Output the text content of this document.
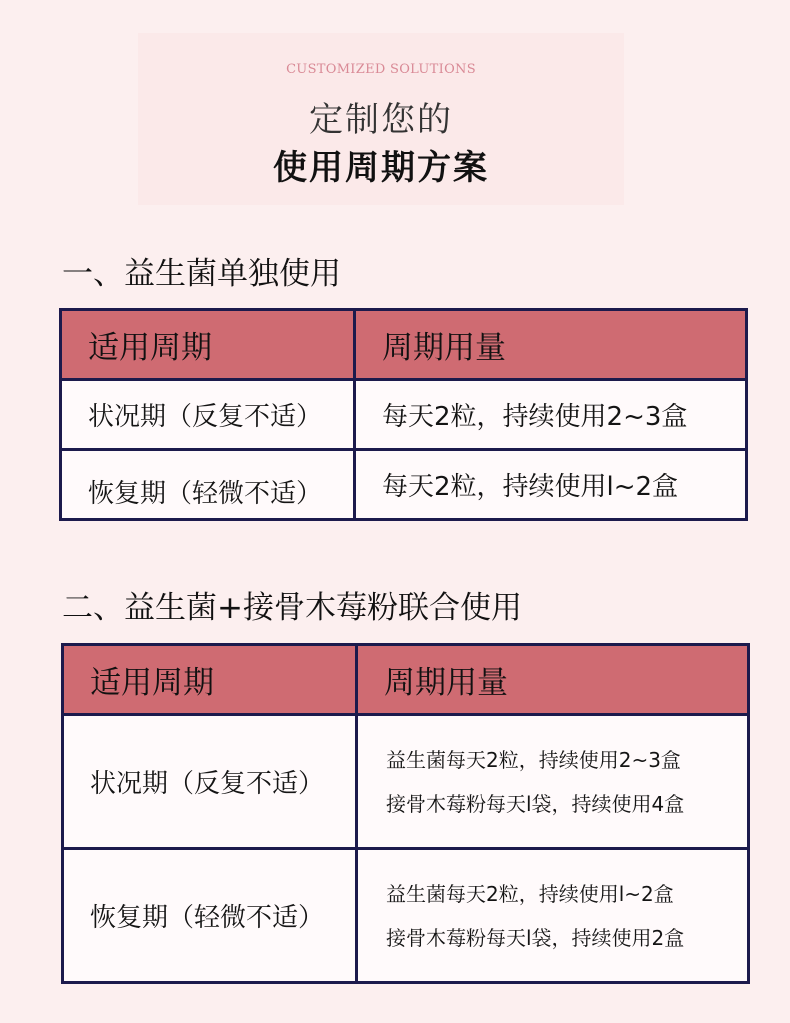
CUSTOMIZED SOLUTIONS
定制您的
使用周期方案
一、益生菌单独使用
适用周期	周期用量
状况期（反复不适）	每天2粒，持续使用2~3盒

恢复期（轻微不适）	每天2粒，持续使用l~2盒
二、益生菌+接骨木莓粉联合使用
适用周期	周期用量
状况期（反复不适）	益生菌每天2粒，持续使用2~3盒
接骨木莓粉每天l袋，持续使用4盒

恢复期（轻微不适）	益生菌每天2粒，持续使用l~2盒
接骨木莓粉每天l袋，持续使用2盒
